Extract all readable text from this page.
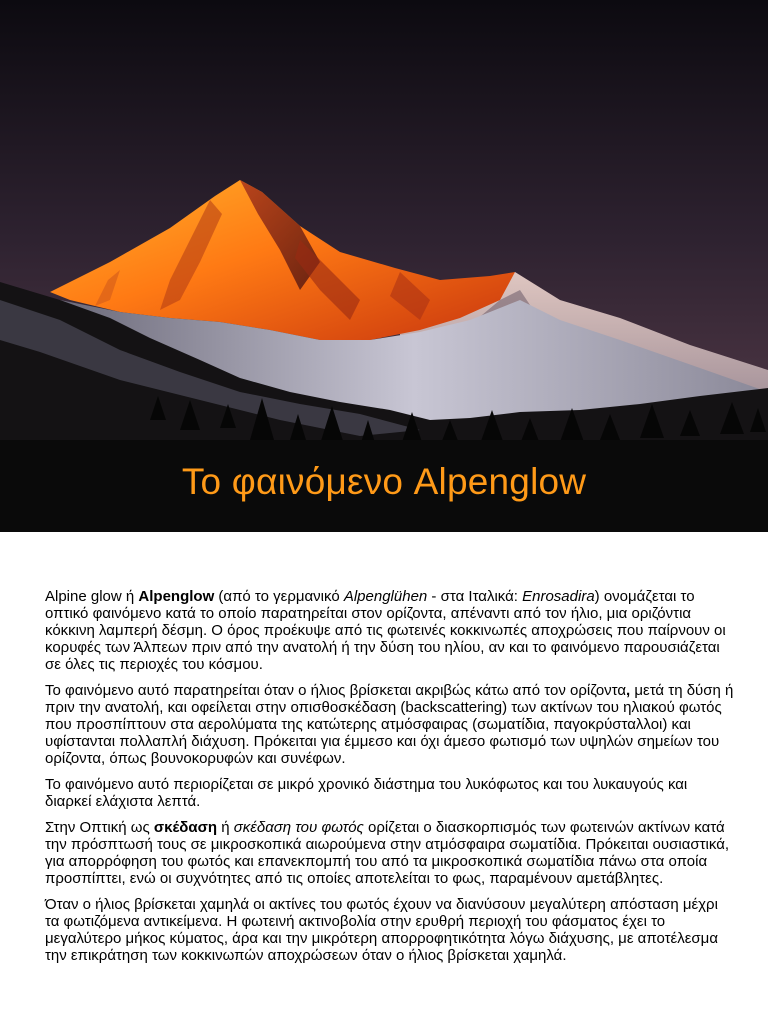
Το φαινόμενο Alpenglow

Alpine glow ή Alpenglow (από το γερμανικό Alpenglühen - στα Ιταλικά: Enrosadira) ονομάζεται το οπτικό φαινόμενο κατά το οποίο παρατηρείται στον ορίζοντα, απέναντι από τον ήλιο, μια οριζόντια κόκκινη λαμπερή δέσμη. Ο όρος προέκυψε από τις φωτεινές κοκκινωπές αποχρώσεις που παίρνουν οι κορυφές των Άλπεων πριν από την ανατολή ή την δύση του ηλίου, αν και το φαινόμενο παρουσιάζεται σε όλες τις περιοχές του κόσμου.

Το φαινόμενο αυτό παρατηρείται όταν ο ήλιος βρίσκεται ακριβώς κάτω από τον ορίζοντα, μετά τη δύση ή πριν την ανατολή, και οφείλεται στην οπισθοσκέδαση (backscattering) των ακτίνων του ηλιακού φωτός που προσπίπτουν στα αερολύματα της κατώτερης ατμόσφαιρας (σωματίδια, παγοκρύσταλλοι) και υφίστανται πολλαπλή διάχυση. Πρόκειται για έμμεσο και όχι άμεσο φωτισμό των υψηλών σημείων του ορίζοντα, όπως βουνοκορυφών και συνέφων.

Το φαινόμενο αυτό περιορίζεται σε μικρό χρονικό διάστημα του λυκόφωτος και του λυκαυγούς και διαρκεί ελάχιστα λεπτά.

Στην Οπτική ως σκέδαση ή σκέδαση του φωτός ορίζεται ο διασκορπισμός των φωτεινών ακτίνων κατά την πρόσπτωσή τους σε μικροσκοπικά αιωρούμενα στην ατμόσφαιρα σωματίδια. Πρόκειται ουσιαστικά, για απορρόφηση του φωτός και επανεκπομπή του από τα μικροσκοπικά σωματίδια πάνω στα οποία προσπίπτει, ενώ οι συχνότητες από τις οποίες αποτελείται το φως, παραμένουν αμετάβλητες.

Όταν ο ήλιος βρίσκεται χαμηλά οι ακτίνες του φωτός έχουν να διανύσουν μεγαλύτερη απόσταση μέχρι τα φωτιζόμενα αντικείμενα. Η φωτεινή ακτινοβολία στην ερυθρή περιοχή του φάσματος έχει το μεγαλύτερο μήκος κύματος, άρα και την μικρότερη απορροφητικότητα λόγω διάχυσης, με αποτέλεσμα την επικράτηση των κοκκινωπών αποχρώσεων όταν ο ήλιος βρίσκεται χαμηλά.
